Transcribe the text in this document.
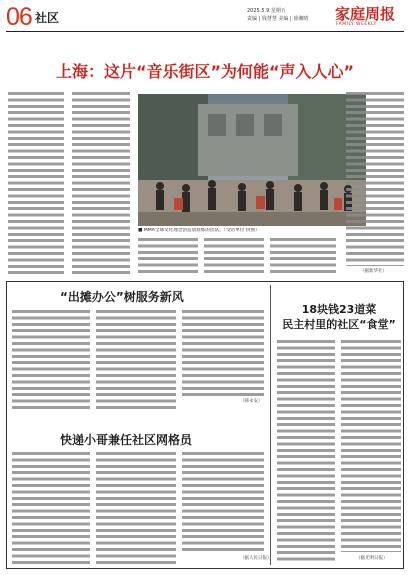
06 社区	2025.5.9 星期五
责编 | 钱慧慧 美编 | 徐湘晴 家庭周报
FAMILY WEEKLY
上海：这片“音乐街区”为何能“声入人心”
■ MMA全球文化理念创造晨晨练的团队。（受访单位 供图）
（据新华社）
“出摊办公”树服务新风
（韩永安）
快递小哥兼任社区网格员
（据人民日报）
18块钱23道菜
民主村里的社区“食堂”
（据光明日报）
